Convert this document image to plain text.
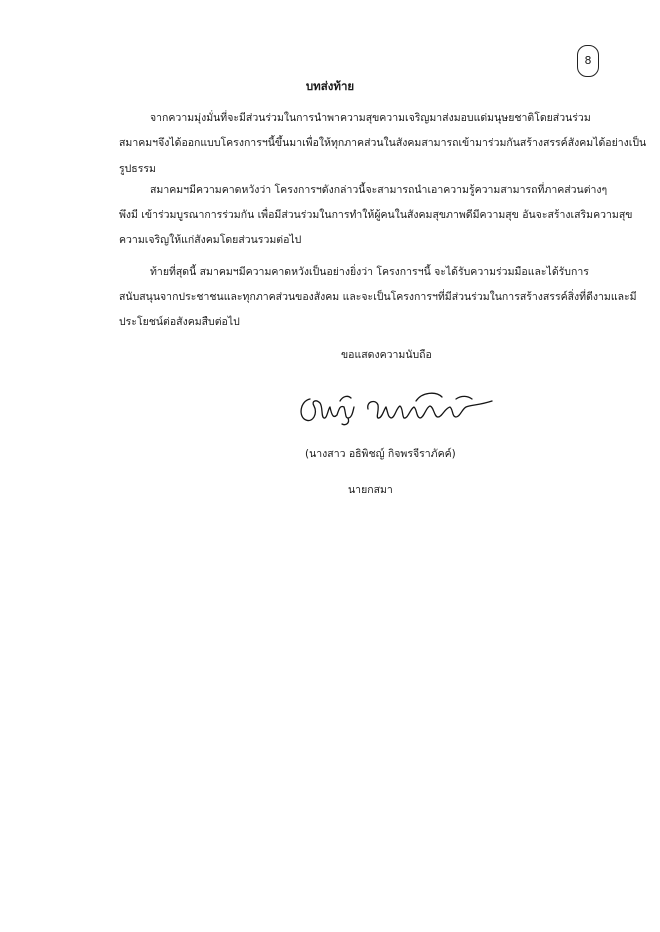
8
บทส่งท้าย
จากความมุ่งมั่นที่จะมีส่วนร่วมในการนำพาความสุขความเจริญมาส่งมอบแด่มนุษยชาติโดยส่วนร่วม
สมาคมฯจึงได้ออกแบบโครงการฯนี้ขึ้นมาเพื่อให้ทุกภาคส่วนในสังคมสามารถเข้ามาร่วมกันสร้างสรรค์สังคมได้อย่างเป็น
รูปธรรม
สมาคมฯมีความคาดหวังว่า โครงการฯดังกล่าวนี้จะสามารถนำเอาความรู้ความสามารถที่ภาคส่วนต่างๆ
พึงมี เข้าร่วมบูรณาการร่วมกัน เพื่อมีส่วนร่วมในการทำให้ผู้คนในสังคมสุขภาพดีมีความสุข อันจะสร้างเสริมความสุข
ความเจริญให้แก่สังคมโดยส่วนรวมต่อไป
ท้ายที่สุดนี้ สมาคมฯมีความคาดหวังเป็นอย่างยิ่งว่า โครงการฯนี้ จะได้รับความร่วมมือและได้รับการ
สนับสนุนจากประชาชนและทุกภาคส่วนของสังคม และจะเป็นโครงการฯที่มีส่วนร่วมในการสร้างสรรค์สิ่งที่ดีงามและมี
ประโยชน์ต่อสังคมสืบต่อไป
ขอแสดงความนับถือ
(นางสาว อธิพิชญ์ กิจพรจีราภัคค์)
นายกสมา
